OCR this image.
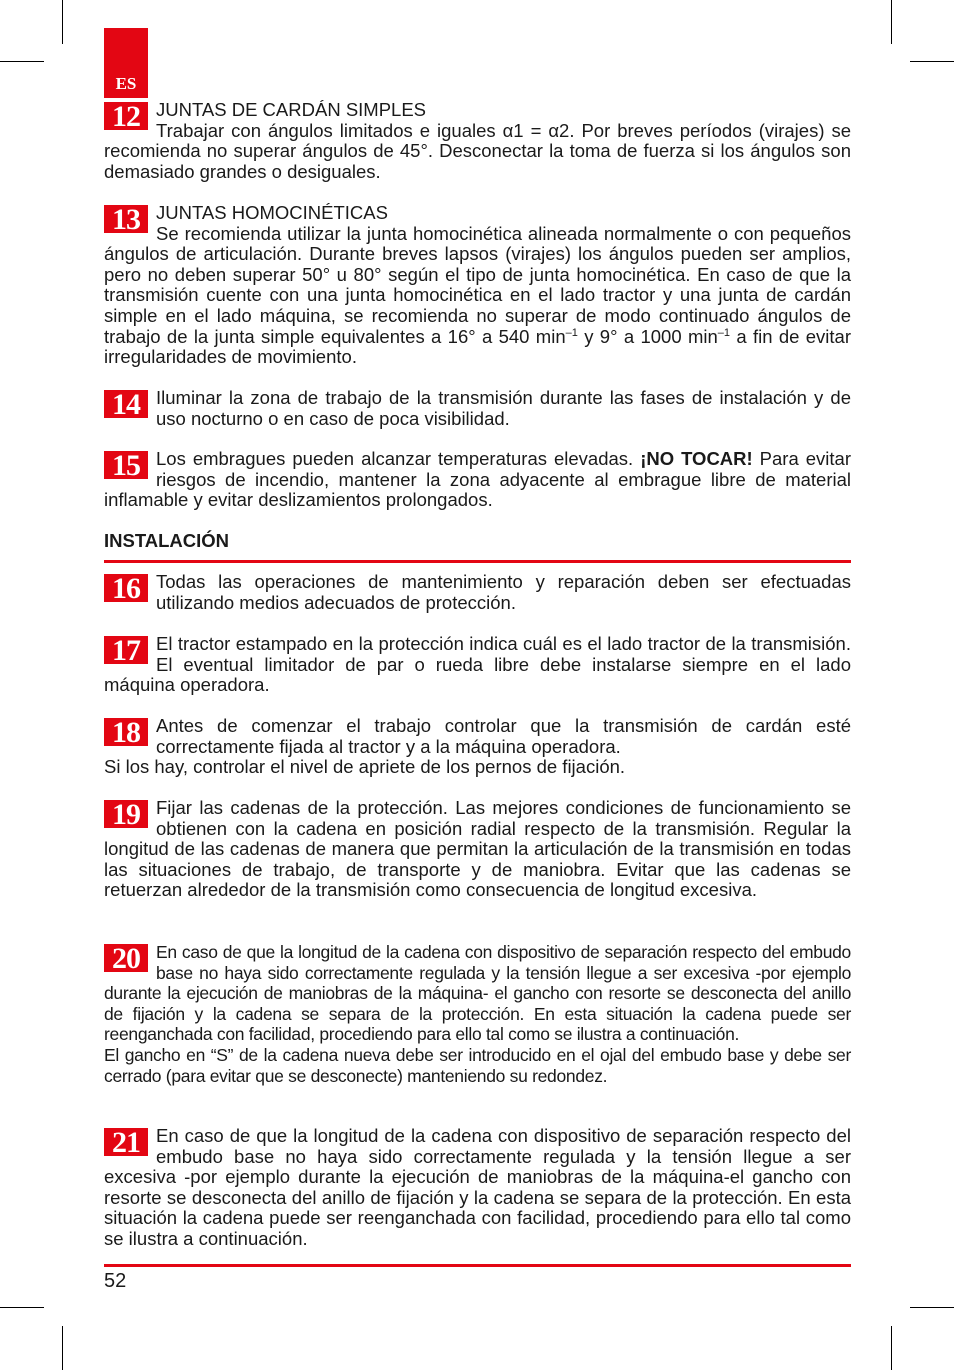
ES
12 JUNTAS DE CARDÁN SIMPLES

Trabajar con ángulos limitados e iguales α1 = α2. Por breves períodos (virajes) se recomienda no superar ángulos de 45°. Desconectar la toma de fuerza si los ángulos son demasiado grandes o desiguales.

13 JUNTAS HOMOCINÉTICAS

Se recomienda utilizar la junta homocinética alineada normalmente o con pequeños ángulos de articulación. Durante breves lapsos (virajes) los ángulos pueden ser amplios, pero no deben superar 50° u 80° según el tipo de junta homocinética. En caso de que la transmisión cuente con una junta homocinética en el lado tractor y una junta de cardán simple en el lado máquina, se recomienda no superar de modo continuado ángulos de trabajo de la junta simple equivalentes a 16° a 540 $\min^{-1} y$ 9° a 1000 $\min^{-1} a$ fin de evitar irregularidades de movimiento.

14 Iluminar la zona de trabajo de la transmisión durante las fases de instalación y de uso nocturno o en caso de poca visibilidad.

15 Los embragues pueden alcanzar temperaturas elevadas. ¡NO TOCAR! Para evitar riesgos de incendio, mantener la zona adyacente al embrague libre de material inflamable y evitar deslizamientos prolongados.

INSTALACIÓN
16 Todas las operaciones de mantenimiento y reparación deben ser efectuadas utilizando medios adecuados de protección.

17 El tractor estampado en la protección indica cuál es el lado tractor de la transmisión. El eventual limitador de par o rueda libre debe instalarse siempre en el lado máquina operadora.

18 Antes de comenzar el trabajo controlar que la transmisión de cardán esté correctamente fijada al tractor y a la máquina operadora.

Si los hay, controlar el nivel de apriete de los pernos de fijación.

19 Fijar las cadenas de la protección. Las mejores condiciones de funcionamiento se obtienen con la cadena en posición radial respecto de la transmisión. Regular la longitud de las cadenas de manera que permitan la articulación de la transmisión en todas las situaciones de trabajo, de transporte y de maniobra. Evitar que las cadenas se retuerzan alrededor de la transmisión como consecuencia de longitud excesiva.

20 En caso de que la longitud de la cadena con dispositivo de separación respecto del embudo base no haya sido correctamente regulada y la tensión llegue a ser excesiva -por ejemplo durante la ejecución de maniobras de la máquina- el gancho con resorte se desconecta del anillo de fijación y la cadena se separa de la protección. En esta situación la cadena puede ser reenganchada con facilidad, procediendo para ello tal como se ilustra a continuación.

El gancho en “S” de la cadena nueva debe ser introducido en el ojal del embudo base y debe ser cerrado (para evitar que se desconecte) manteniendo su redondez.

21 En caso de que la longitud de la cadena con dispositivo de separación respecto del embudo base no haya sido correctamente regulada y la tensión llegue a ser excesiva -por ejemplo durante la ejecución de maniobras de la máquina-el gancho con resorte se desconecta del anillo de fijación y la cadena se separa de la protección. En esta situación la cadena puede ser reenganchada con facilidad, procediendo para ello tal como se ilustra a continuación.

52
